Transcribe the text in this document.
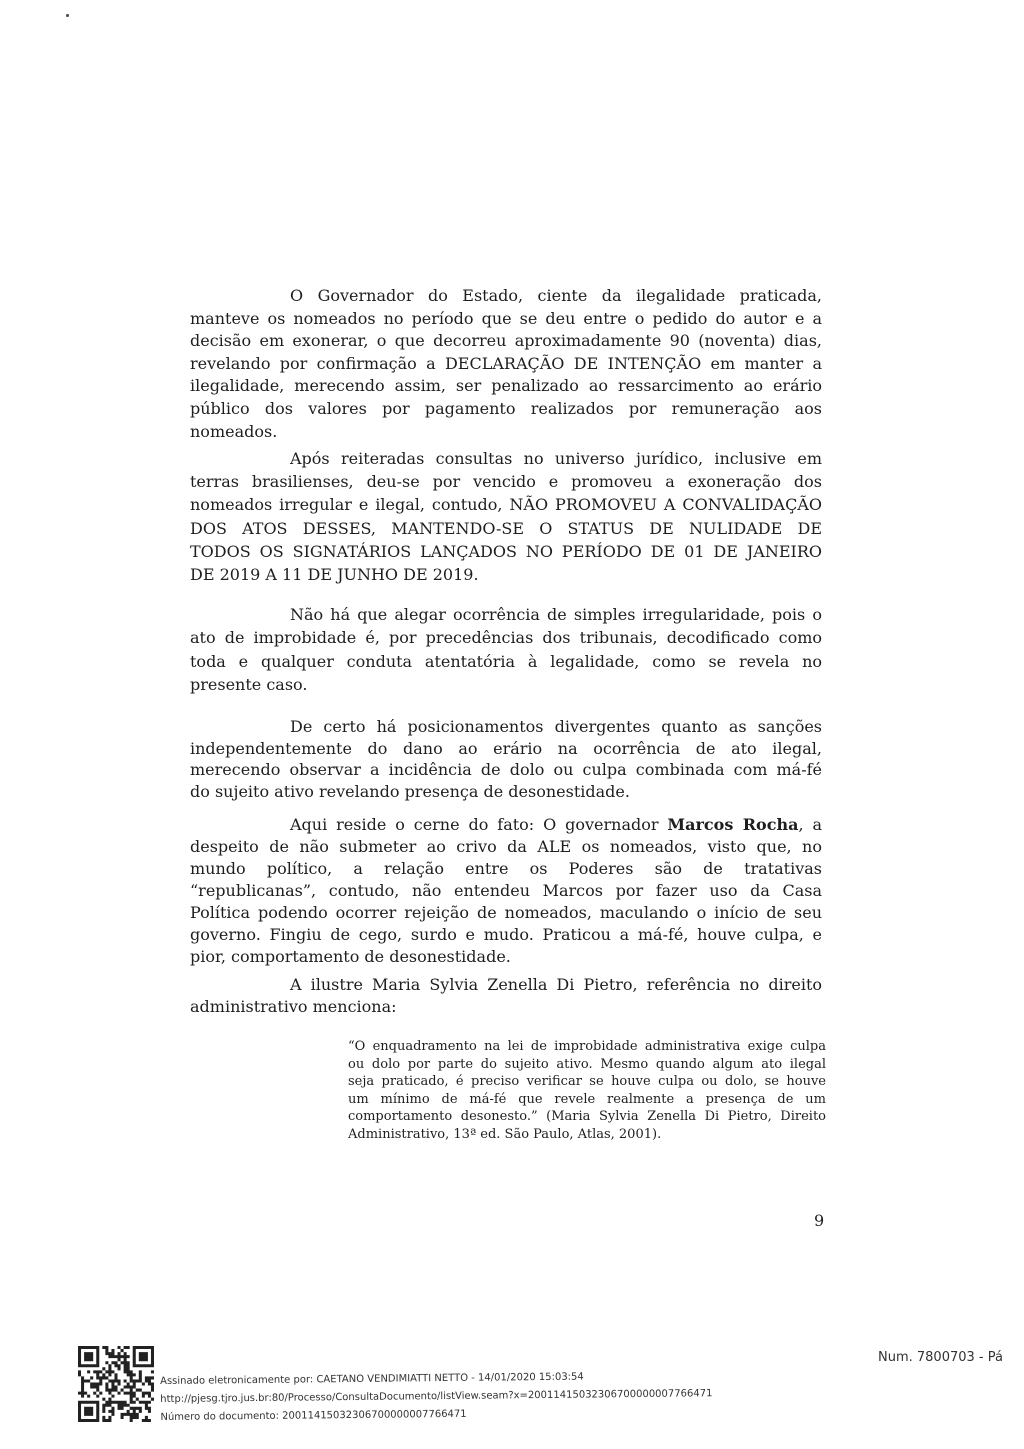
O Governador do Estado, ciente da ilegalidade praticada,
manteve os nomeados no período que se deu entre o pedido do autor e a
decisão em exonerar, o que decorreu aproximadamente 90 (noventa) dias,
revelando por confirmação a DECLARAÇÃO DE INTENÇÃO em manter a
ilegalidade, merecendo assim, ser penalizado ao ressarcimento ao erário
público dos valores por pagamento realizados por remuneração aos
nomeados.
Após reiteradas consultas no universo jurídico, inclusive em
terras brasilienses, deu-se por vencido e promoveu a exoneração dos
nomeados irregular e ilegal, contudo, NÃO PROMOVEU A CONVALIDAÇÃO
DOS ATOS DESSES, MANTENDO-SE O STATUS DE NULIDADE DE
TODOS OS SIGNATÁRIOS LANÇADOS NO PERÍODO DE 01 DE JANEIRO
DE 2019 A 11 DE JUNHO DE 2019.
Não há que alegar ocorrência de simples irregularidade, pois o
ato de improbidade é, por precedências dos tribunais, decodificado como
toda e qualquer conduta atentatória à legalidade, como se revela no
presente caso.
De certo há posicionamentos divergentes quanto as sanções
independentemente do dano ao erário na ocorrência de ato ilegal,
merecendo observar a incidência de dolo ou culpa combinada com má-fé
do sujeito ativo revelando presença de desonestidade.
Aqui reside o cerne do fato: O governador Marcos Rocha, a
despeito de não submeter ao crivo da ALE os nomeados, visto que, no
mundo político, a relação entre os Poderes são de tratativas
“republicanas”, contudo, não entendeu Marcos por fazer uso da Casa
Política podendo ocorrer rejeição de nomeados, maculando o início de seu
governo. Fingiu de cego, surdo e mudo. Praticou a má-fé, houve culpa, e
pior, comportamento de desonestidade.
A ilustre Maria Sylvia Zenella Di Pietro, referência no direito
administrativo menciona:
“O enquadramento na lei de improbidade administrativa exige culpa
ou dolo por parte do sujeito ativo. Mesmo quando algum ato ilegal
seja praticado, é preciso verificar se houve culpa ou dolo, se houve
um mínimo de má-fé que revele realmente a presença de um
comportamento desonesto.” (Maria Sylvia Zenella Di Pietro, Direito
Administrativo, 13ª ed. São Paulo, Atlas, 2001).
9
Assinado eletronicamente por: CAETANO VENDIMIATTI NETTO - 14/01/2020 15:03:54
http://pjesg.tjro.jus.br:80/Processo/ConsultaDocumento/listView.seam?x=20011415032306700000007766471
Número do documento: 20011415032306700000007766471
Num. 7800703 - Pá
